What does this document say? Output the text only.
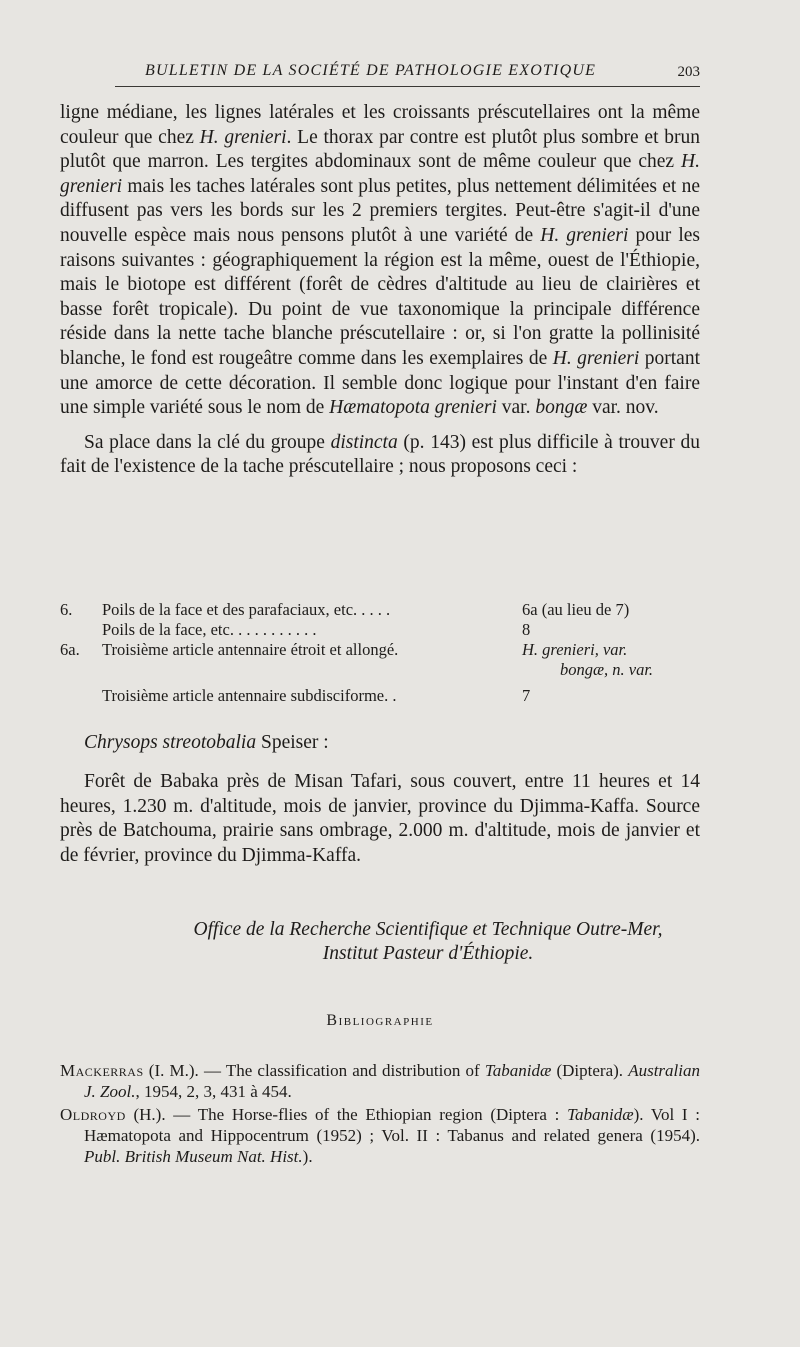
BULLETIN DE LA SOCIÉTÉ DE PATHOLOGIE EXOTIQUE	203

ligne médiane, les lignes latérales et les croissants préscutellaires ont la même couleur que chez H. grenieri. Le thorax par contre est plutôt plus sombre et brun plutôt que marron. Les tergites abdominaux sont de même couleur que chez H. grenieri mais les taches latérales sont plus petites, plus nettement délimitées et ne diffusent pas vers les bords sur les 2 premiers tergites. Peut-être s'agit-il d'une nouvelle espèce mais nous pensons plutôt à une variété de H. grenieri pour les raisons suivantes : géographiquement la région est la même, ouest de l'Éthiopie, mais le biotope est différent (forêt de cèdres d'altitude au lieu de clairières et basse forêt tropicale). Du point de vue taxonomique la principale différence réside dans la nette tache blanche préscutellaire : or, si l'on gratte la pollinisité blanche, le fond est rougeâtre comme dans les exemplaires de H. grenieri portant une amorce de cette décoration. Il semble donc logique pour l'instant d'en faire une simple variété sous le nom de Hæmatopota grenieri var. bongæ var. nov.

Sa place dans la clé du groupe distincta (p. 143) est plus difficile à trouver du fait de l'existence de la tache préscutellaire ; nous proposons ceci :

6. Poils de la face et des parafaciaux, etc. . . . .	6a (au lieu de 7)
Poils de la face, etc. . . . . . . . . . .	8
6a. Troisième article antennaire étroit et allongé.	H. grenieri, var.
bongæ, n. var.
Troisième article antennaire subdisciforme. .	7
Chrysops streotobalia Speiser :

Forêt de Babaka près de Misan Tafari, sous couvert, entre 11 heures et 14 heures, 1.230 m. d'altitude, mois de janvier, province du Djimma-Kaffa. Source près de Batchouma, prairie sans ombrage, 2.000 m. d'altitude, mois de janvier et de février, province du Djimma-Kaffa.

Office de la Recherche Scientifique et Technique Outre-Mer,
Institut Pasteur d'Éthiopie.
Bibliographie
Mackerras (I. M.). — The classification and distribution of Tabanidæ (Diptera). Australian J. Zool., 1954, 2, 3, 431 à 454.
Oldroyd (H.). — The Horse-flies of the Ethiopian region (Diptera : Tabanidæ). Vol I : Hæmatopota and Hippocentrum (1952) ; Vol. II : Tabanus and related genera (1954). Publ. British Museum Nat. Hist.).
